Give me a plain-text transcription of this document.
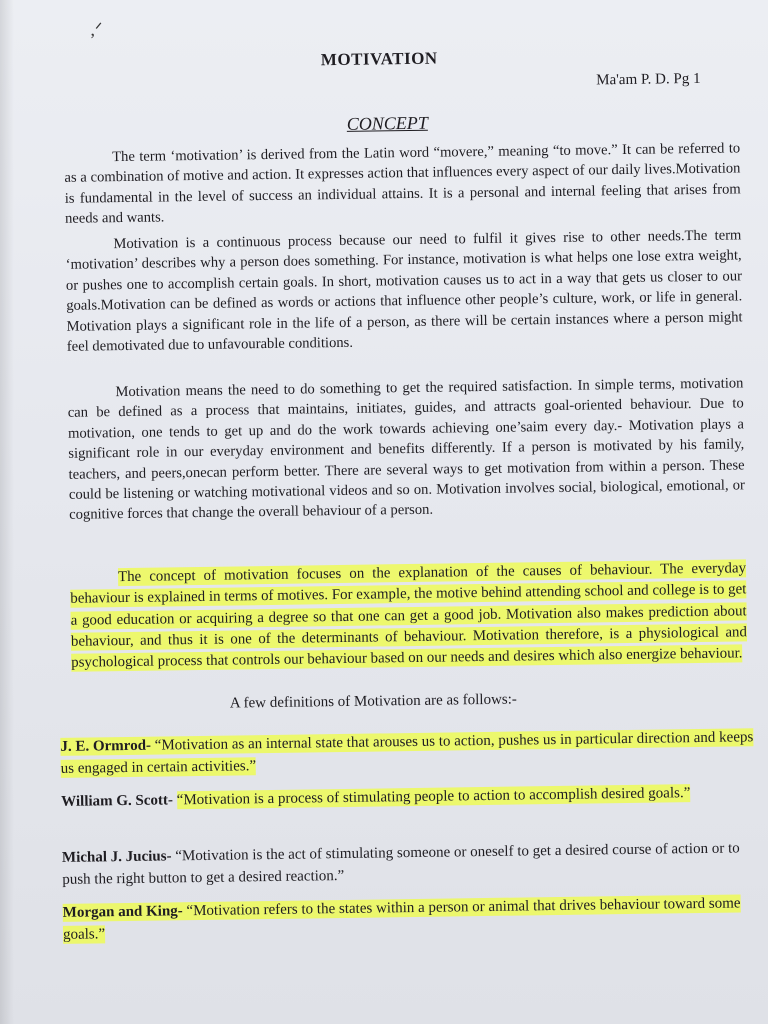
,ᐟ
MOTIVATION
Ma'am P. D. Pg 1
CONCEPT

The term ‘motivation’ is derived from the Latin word “movere,” meaning “to move.” It can be referred to as a combination of motive and action. It expresses action that influences every aspect of our daily lives.Motivation is fundamental in the level of success an individual attains. It is a personal and internal feeling that arises from needs and wants.

Motivation is a continuous process because our need to fulfil it gives rise to other needs.The term ‘motivation’ describes why a person does something. For instance, motivation is what helps one lose extra weight, or pushes one to accomplish certain goals. In short, motivation causes us to act in a way that gets us closer to our goals.Motivation can be defined as words or actions that influence other people’s culture, work, or life in general. Motivation plays a significant role in the life of a person, as there will be certain instances where a person might feel demotivated due to unfavourable conditions.

Motivation means the need to do something to get the required satisfaction. In simple terms, motivation can be defined as a process that maintains, initiates, guides, and attracts goal-oriented behaviour. Due to motivation, one tends to get up and do the work towards achieving one’saim every day.- Motivation plays a significant role in our everyday environment and benefits differently. If a person is motivated by his family, teachers, and peers,onecan perform better. There are several ways to get motivation from within a person. These could be listening or watching motivational videos and so on. Motivation involves social, biological, emotional, or cognitive forces that change the overall behaviour of a person.

The concept of motivation focuses on the explanation of the causes of behaviour. The everyday behaviour is explained in terms of motives. For example, the motive behind attending school and college is to get a good education or acquiring a degree so that one can get a good job. Motivation also makes prediction about behaviour, and thus it is one of the determinants of behaviour. Motivation therefore, is a physiological and psychological process that controls our behaviour based on our needs and desires which also energize behaviour.

A few definitions of Motivation are as follows:-

J. E. Ormrod- “Motivation as an internal state that arouses us to action, pushes us in particular direction and keeps us engaged in certain activities.”

William G. Scott- “Motivation is a process of stimulating people to action to accomplish desired goals.”

Michal J. Jucius- “Motivation is the act of stimulating someone or oneself to get a desired course of action or to push the right button to get a desired reaction.”

Morgan and King- “Motivation refers to the states within a person or animal that drives behaviour toward some goals.”
